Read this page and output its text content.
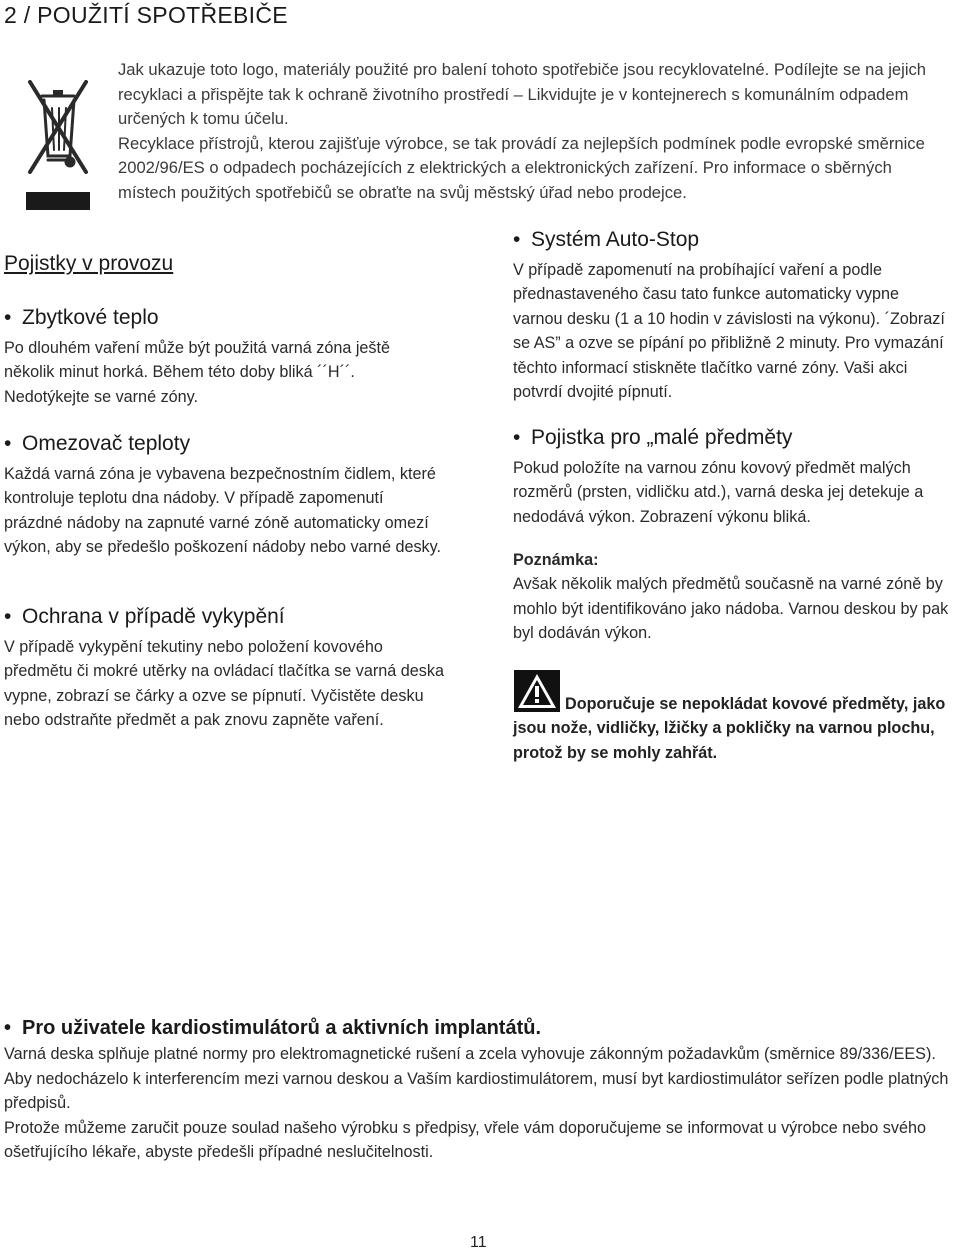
2 / POUŽITÍ SPOTŘEBIČE

Jak ukazuje toto logo, materiály použité pro balení tohoto spotřebiče jsou recyklovatelné. Podílejte se na jejich recyklaci a přispějte tak k ochraně životního prostředí – Likvidujte je v kontejnerech s komunálním odpadem určených k tomu účelu.

Recyklace přístrojů, kterou zajišťuje výrobce, se tak provádí za nejlepších podmínek podle evropské směrnice 2002/96/ES o odpadech pocházejících z elektrických a elektronických zařízení. Pro informace o sběrných místech použitých spotřebičů se obraťte na svůj městský úřad nebo prodejce.

Pojistky v provozu
• Zbytkové teplo

Po dlouhém vaření může být použitá varná zóna ještě několik minut horká. Během této doby bliká ´´H´´. Nedotýkejte se varné zóny.

• Omezovač teploty

Každá varná zóna je vybavena bezpečnostním čidlem, které kontroluje teplotu dna nádoby. V případě zapomenutí prázdné nádoby na zapnuté varné zóně automaticky omezí výkon, aby se předešlo poškození nádoby nebo varné desky.

• Ochrana v případě vykypění

V případě vykypění tekutiny nebo položení kovového předmětu či mokré utěrky na ovládací tlačítka se varná deska vypne, zobrazí se čárky a ozve se pípnutí. Vyčistěte desku nebo odstraňte předmět a pak znovu zapněte vaření.

• Systém Auto-Stop

V případě zapomenutí na probíhající vaření a podle přednastaveného času tato funkce automaticky vypne varnou desku (1 a 10 hodin v závislosti na výkonu). ´Zobrazí se AS” a ozve se pípání po přibližně 2 minuty. Pro vymazání těchto informací stiskněte tlačítko varné zóny. Vaši akci potvrdí dvojité pípnutí.

• Pojistka pro „malé předměty

Pokud položíte na varnou zónu kovový předmět malých rozměrů (prsten, vidličku atd.), varná deska jej detekuje a nedodává výkon. Zobrazení výkonu bliká.

Poznámka:

Avšak několik malých předmětů současně na varné zóně by mohlo být identifikováno jako nádoba. Varnou deskou by pak byl dodáván výkon.

Doporučuje se nepokládat kovové předměty, jako jsou nože, vidličky, lžičky a pokličky na varnou plochu, protož by se mohly zahřát.
• Pro uživatele kardiostimulátorů a aktivních implantátů.

Varná deska splňuje platné normy pro elektromagnetické rušení a zcela vyhovuje zákonným požadavkům (směrnice 89/336/EES).

Aby nedocházelo k interferencím mezi varnou deskou a Vaším kardiostimulátorem, musí byt kardiostimulátor seřízen podle platných předpisů.

Protože můžeme zaručit pouze soulad našeho výrobku s předpisy, vřele vám doporučujeme se informovat u výrobce nebo svého ošetřujícího lékaře, abyste předešli případné nesluč​itelnosti.

11
